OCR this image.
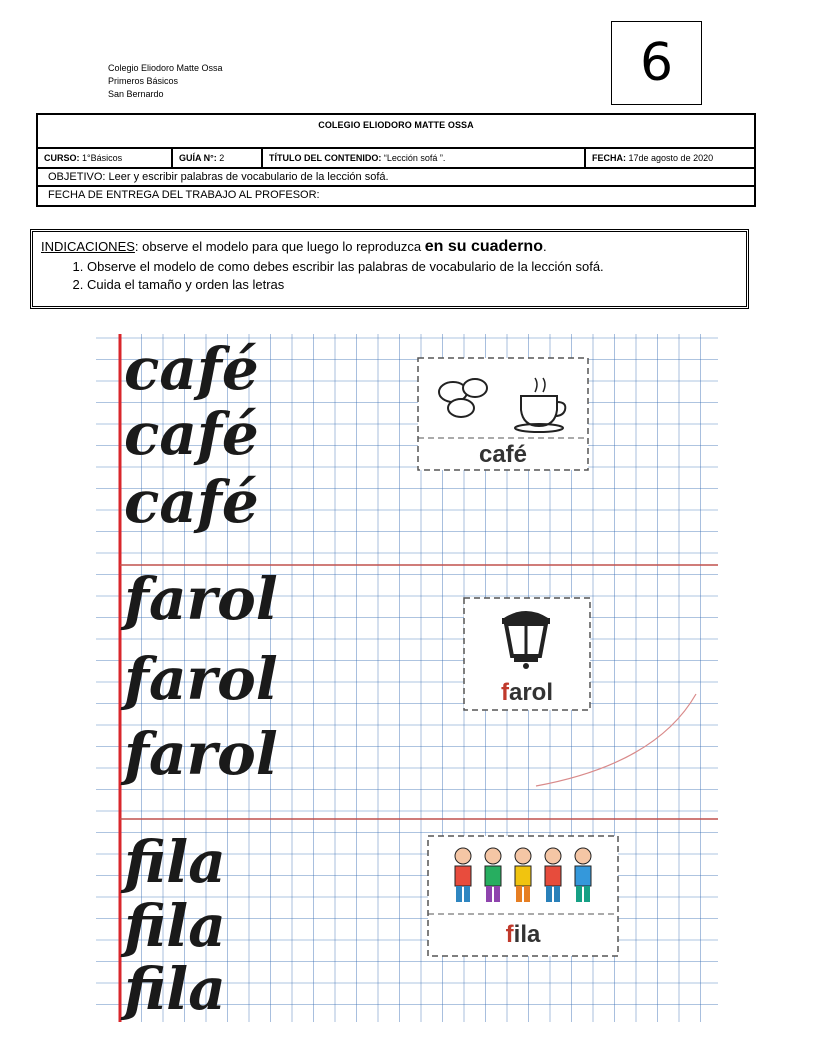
Colegio Eliodoro Matte Ossa
Primeros Básicos
San Bernardo
6
COLEGIO ELIODORO MATTE OSSA
CURSO: 1°Básicos	GUÍA N°: 2	TÍTULO DEL CONTENIDO: “Lección sofá ”.	FECHA: 17de agosto de 2020
OBJETIVO: Leer y escribir palabras de vocabulario de la lección sofá.
FECHA DE ENTREGA DEL TRABAJO AL PROFESOR:
INDICACIONES: observe el modelo para que luego lo reproduzca en su cuaderno.
1. Observe el modelo de como debes escribir las palabras de vocabulario de la lección sofá.
2. Cuida el tamaño y orden las letras
café
café
café
farol
farol
farol
fila
fila
fila
café
farol
fila
